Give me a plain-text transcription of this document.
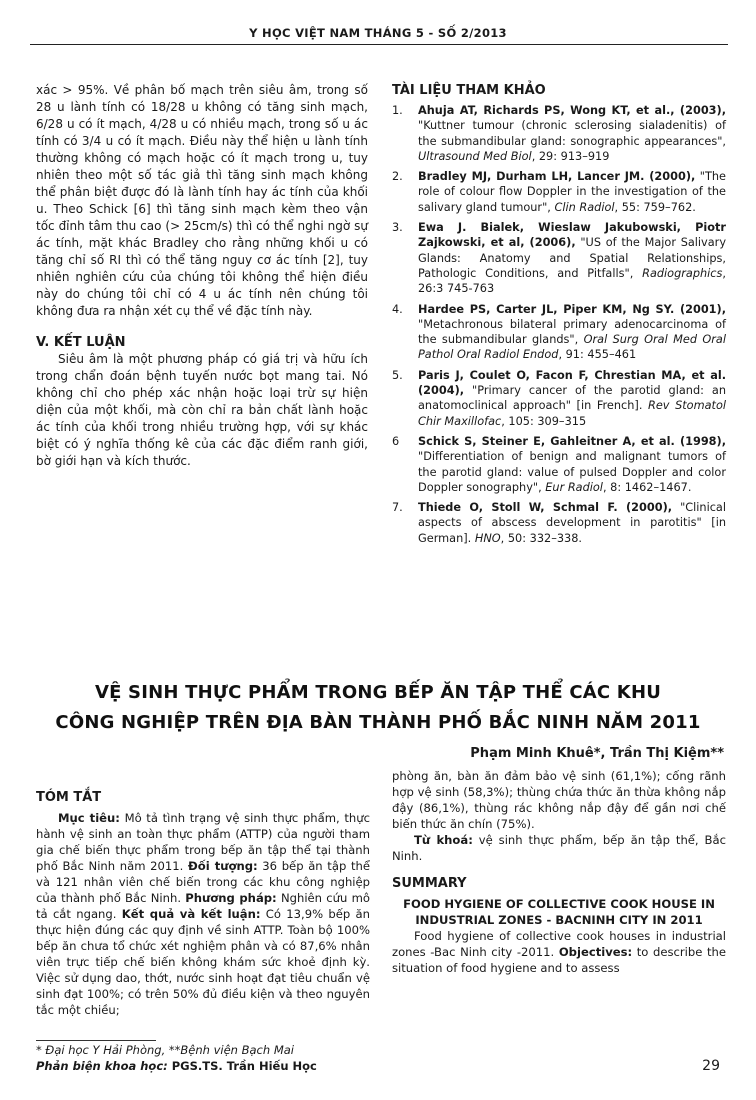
Y HỌC VIỆT NAM THÁNG 5 - SỐ 2/2013

xác > 95%. Về phân bố mạch trên siêu âm, trong số 28 u lành tính có 18/28 u không có tăng sinh mạch, 6/28 u có ít mạch, 4/28 u có nhiều mạch, trong số u ác tính có 3/4 u có ít mạch. Điều này thể hiện u lành tính thường không có mạch hoặc có ít mạch trong u, tuy nhiên theo một số tác giả thì tăng sinh mạch không thể phân biệt được đó là lành tính hay ác tính của khối u. Theo Schick [6] thì tăng sinh mạch kèm theo vận tốc đỉnh tâm thu cao (> 25cm/s) thì có thể nghi ngờ sự ác tính, mặt khác Bradley cho rằng những khối u có tăng chỉ số RI thì có thể tăng nguy cơ ác tính [2], tuy nhiên nghiên cứu của chúng tôi không thể hiện điều này do chúng tôi chỉ có 4 u ác tính nên chúng tôi không đưa ra nhận xét cụ thể về đặc tính này.

V. KẾT LUẬN

Siêu âm là một phương pháp có giá trị và hữu ích trong chẩn đoán bệnh tuyến nước bọt mang tai. Nó không chỉ cho phép xác nhận hoặc loại trừ sự hiện diện của một khối, mà còn chỉ ra bản chất lành hoặc ác tính của khối trong nhiều trường hợp, với sự khác biệt có ý nghĩa thống kê của các đặc điểm ranh giới, bờ giới hạn và kích thước.

TÀI LIỆU THAM KHẢO
1.	Ahuja AT, Richards PS, Wong KT, et al., (2003), "Kuttner tumour (chronic sclerosing sialadenitis) of the submandibular gland: sonographic appearances", Ultrasound Med Biol, 29: 913–919
2.	Bradley MJ, Durham LH, Lancer JM. (2000), "The role of colour flow Doppler in the investigation of the salivary gland tumour", Clin Radiol, 55: 759–762.
3.	Ewa J. Bialek, Wieslaw Jakubowski, Piotr Zajkowski, et al, (2006), "US of the Major Salivary Glands: Anatomy and Spatial Relationships, Pathologic Conditions, and Pitfalls", Radiographics, 26:3 745-763
4.	Hardee PS, Carter JL, Piper KM, Ng SY. (2001), "Metachronous bilateral primary adenocarcinoma of the submandibular glands", Oral Surg Oral Med Oral Pathol Oral Radiol Endod, 91: 455–461
5.	Paris J, Coulet O, Facon F, Chrestian MA, et al. (2004), "Primary cancer of the parotid gland: an anatomoclinical approach" [in French]. Rev Stomatol Chir Maxillofac, 105: 309–315
6	Schick S, Steiner E, Gahleitner A, et al. (1998), "Differentiation of benign and malignant tumors of the parotid gland: value of pulsed Doppler and color Doppler sonography", Eur Radiol, 8: 1462–1467.
7.	Thiede O, Stoll W, Schmal F. (2000), "Clinical aspects of abscess development in parotitis" [in German]. HNO, 50: 332–338.
VỆ SINH THỰC PHẨM TRONG BẾP ĂN TẬP THỂ CÁC KHU
CÔNG NGHIỆP TRÊN ĐỊA BÀN THÀNH PHỐ BẮC NINH NĂM 2011
Phạm Minh Khuê*, Trần Thị Kiệm**
TÓM TẮT

Mục tiêu: Mô tả tình trạng vệ sinh thực phẩm, thực hành vệ sinh an toàn thực phẩm (ATTP) của người tham gia chế biến thực phẩm trong bếp ăn tập thể tại thành phố Bắc Ninh năm 2011. Đối tượng: 36 bếp ăn tập thể và 121 nhân viên chế biến trong các khu công nghiệp của thành phố Bắc Ninh. Phương pháp: Nghiên cứu mô tả cắt ngang. Kết quả và kết luận: Có 13,9% bếp ăn thực hiện đúng các quy định về sinh ATTP. Toàn bộ 100% bếp ăn chưa tổ chức xét nghiệm phân và có 87,6% nhân viên trực tiếp chế biến không khám sức khoẻ định kỳ. Việc sử dụng dao, thớt, nước sinh hoạt đạt tiêu chuẩn vệ sinh đạt 100%; có trên 50% đủ điều kiện và theo nguyên tắc một chiều;

phòng ăn, bàn ăn đảm bảo vệ sinh (61,1%); cống rãnh hợp vệ sinh (58,3%); thùng chứa thức ăn thừa không nắp đậy (86,1%), thùng rác không nắp đậy để gần nơi chế biến thức ăn chín (75%).

Từ khoá: vệ sinh thực phẩm, bếp ăn tập thể, Bắc Ninh.

SUMMARY
FOOD HYGIENE OF COLLECTIVE COOK HOUSE IN INDUSTRIAL ZONES - BACNINH CITY IN 2011

Food hygiene of collective cook houses in industrial zones -Bac Ninh city -2011. Objectives: to describe the situation of food hygiene and to assess

* Đại học Y Hải Phòng, **Bệnh viện Bạch Mai
Phản biện khoa học: PGS.TS. Trần Hiếu Học	29
